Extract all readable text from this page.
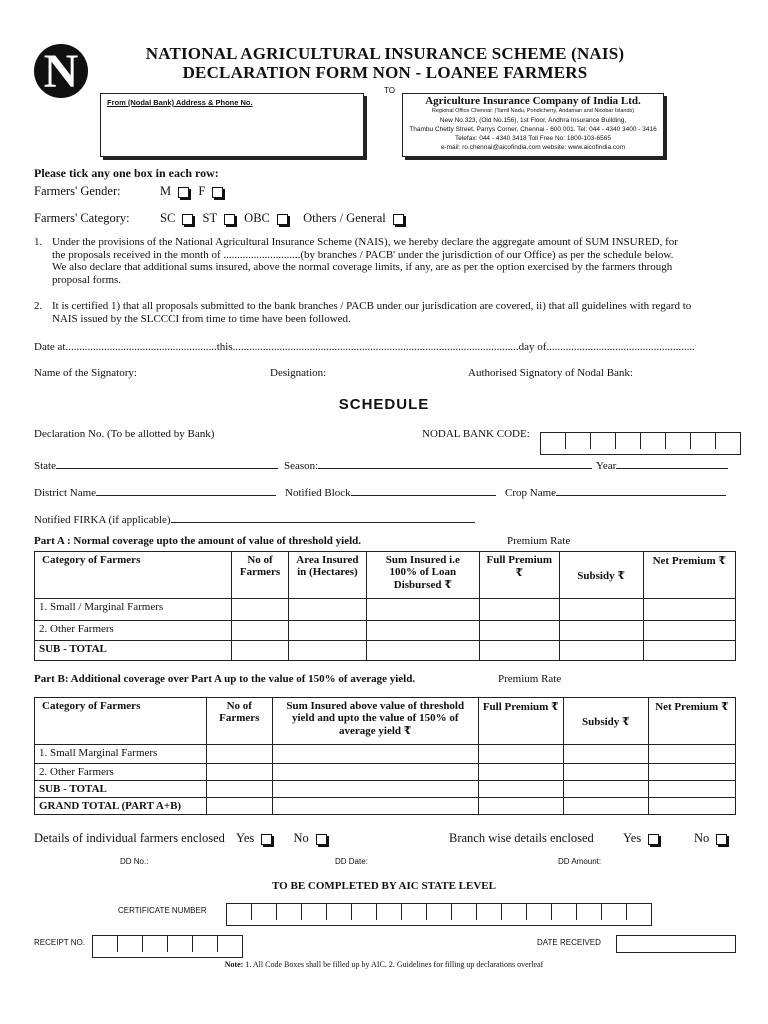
N	NATIONAL AGRICULTURAL INSURANCE SCHEME (NAIS)
DECLARATION FORM NON - LOANEE FARMERS
TO
From (Nodal Bank) Address & Phone No.	Agriculture Insurance Company of India Ltd.
Regional Office Chennai: (Tamil Nadu, Pondicherry, Andaman and Nicobar Islands)
New No.323, (Old No.156), 1st Floor, Andhra Insurance Building,
Thambu Chetty Street, Parrys Corner, Chennai - 600 001. Tel: 044 - 4340 3400 - 3416
Telefax: 044 - 4340 3418 Toll Free No: 1800-103-6565
e-mail: ro.chennai@aicofindia.com website: www.aicofindia.com
Please tick any one box in each row:
Farmers' Gender:	M F
Farmers' Category: SC ST OBC	Others / General
1. Under the provisions of the National Agricultural Insurance Scheme (NAIS), we hereby declare the aggregate amount of SUM INSURED, for
the proposals received in the month of ............................(by branches / PACB' under the jurisdiction of our Office) as per the schedule below.
We also declare that additional sums insured, above the normal coverage limits, if any, are as per the option exercised by the farmers through
proposal forms.
2. It is certified 1) that all proposals submitted to the bank branches / PACB under our jurisdication are covered, ii) that all guidelines with regard to
NAIS issued by the SLCCCI from time to time have been followed.
Date at.......................................................this........................................................................................................day of......................................................
Name of the Signatory:	Designation:	Authorised Signatory of Nodal Bank:
SCHEDULE
Declaration No. (To be allotted by Bank)	NODAL BANK CODE:
State	Season:	Year
District Name	Notified Block	Crop Name
Notified FIRKA (if applicable)
Part A : Normal coverage upto the amount of value of threshold yield.	Premium Rate
Category of Farmers	No of Farmers	Area Insured in (Hectares)	Sum Insured i.e 100% of Loan Disbursed ₹	Full Premium ₹	Subsidy ₹	Net Premium ₹
1. Small / Marginal Farmers						
2. Other Farmers						
SUB - TOTAL						
Part B: Additional coverage over Part A up to the value of 150% of average yield.	Premium Rate
Category of Farmers	No of Farmers	Sum Insured above value of threshold yield and upto the value of 150% of average yield ₹	Full Premium ₹	Subsidy ₹	Net Premium ₹
1. Small Marginal Farmers					
2. Other Farmers					
SUB - TOTAL					
GRAND TOTAL (PART A+B)					
Details of individual farmers enclosed Yes	No	Branch wise details enclosed Yes	No
DD No.:	DD Date:	DD Amount:
TO BE COMPLETED BY AIC STATE LEVEL
CERTIFICATE NUMBER
RECEIPT NO.	DATE RECEIVED
Note: 1. All Code Boxes shall be filled up by AIC. 2. Guidelines for filling up declarations overleaf
